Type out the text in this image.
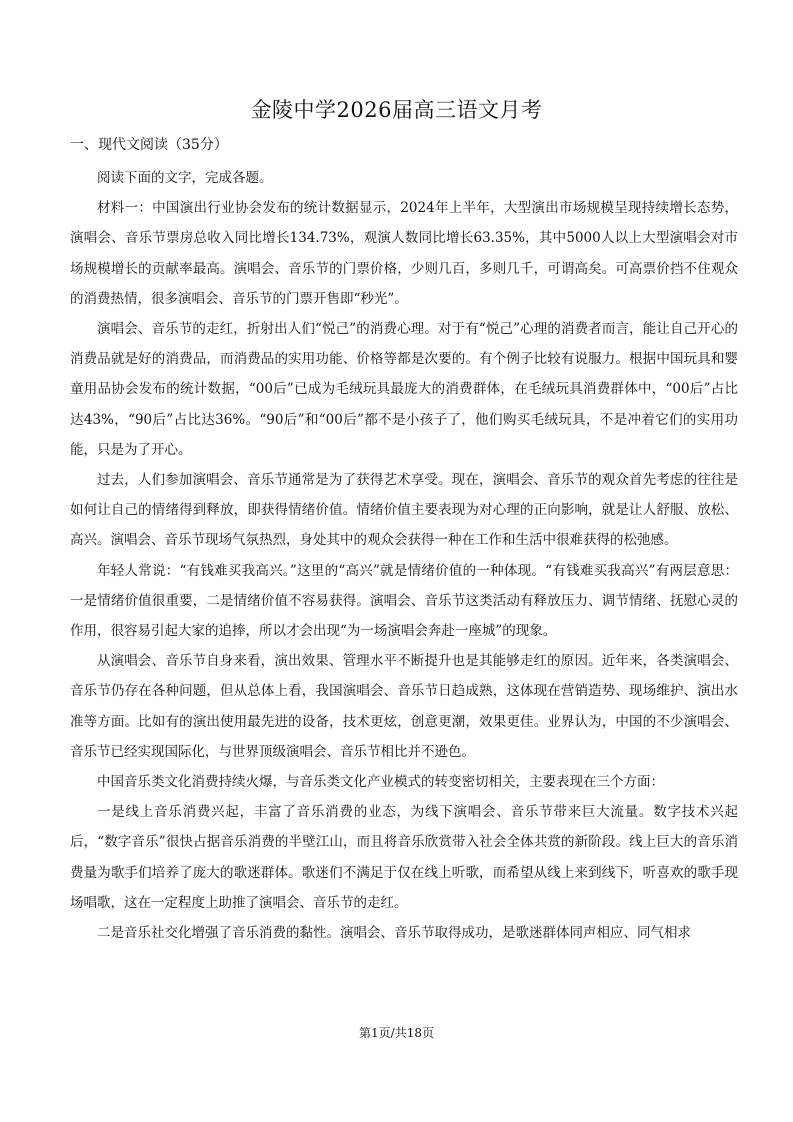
金陵中学2026届高三语文月考
一、现代文阅读（35分）

阅读下面的文字，完成各题。

材料一：中国演出行业协会发布的统计数据显示，2024年上半年，大型演出市场规模呈现持续增长态势，演唱会、音乐节票房总收入同比增长134.73%，观演人数同比增长63.35%，其中5000人以上大型演唱会对市场规模增长的贡献率最高。演唱会、音乐节的门票价格，少则几百，多则几千，可谓高矣。可高票价挡不住观众的消费热情，很多演唱会、音乐节的门票开售即“秒光”。

演唱会、音乐节的走红，折射出人们“悦己”的消费心理。对于有“悦己”心理的消费者而言，能让自己开心的消费品就是好的消费品，而消费品的实用功能、价格等都是次要的。有个例子比较有说服力。根据中国玩具和婴童用品协会发布的统计数据，“00后”已成为毛绒玩具最庞大的消费群体，在毛绒玩具消费群体中，“00后”占比达43%，“90后”占比达36%。“90后”和“00后”都不是小孩子了，他们购买毛绒玩具，不是冲着它们的实用功能，只是为了开心。

过去，人们参加演唱会、音乐节通常是为了获得艺术享受。现在，演唱会、音乐节的观众首先考虑的往往是如何让自己的情绪得到释放，即获得情绪价值。情绪价值主要表现为对心理的正向影响，就是让人舒服、放松、高兴。演唱会、音乐节现场气氛热烈，身处其中的观众会获得一种在工作和生活中很难获得的松弛感。

年轻人常说：“有钱难买我高兴。”这里的“高兴”就是情绪价值的一种体现。“有钱难买我高兴”有两层意思：一是情绪价值很重要，二是情绪价值不容易获得。演唱会、音乐节这类活动有释放压力、调节情绪、抚慰心灵的作用，很容易引起大家的追捧，所以才会出现“为一场演唱会奔赴一座城”的现象。

从演唱会、音乐节自身来看，演出效果、管理水平不断提升也是其能够走红的原因。近年来，各类演唱会、音乐节仍存在各种问题，但从总体上看，我国演唱会、音乐节日趋成熟，这体现在营销造势、现场维护、演出水准等方面。比如有的演出使用最先进的设备，技术更炫，创意更潮，效果更佳。业界认为，中国的不少演唱会、音乐节已经实现国际化，与世界顶级演唱会、音乐节相比并不逊色。

中国音乐类文化消费持续火爆，与音乐类文化产业模式的转变密切相关，主要表现在三个方面：

一是线上音乐消费兴起，丰富了音乐消费的业态，为线下演唱会、音乐节带来巨大流量。数字技术兴起后，“数字音乐”很快占据音乐消费的半壁江山，而且将音乐欣赏带入社会全体共赏的新阶段。线上巨大的音乐消费量为歌手们培养了庞大的歌迷群体。歌迷们不满足于仅在线上听歌，而希望从线上来到线下，听喜欢的歌手现场唱歌，这在一定程度上助推了演唱会、音乐节的走红。

二是音乐社交化增强了音乐消费的黏性。演唱会、音乐节取得成功，是歌迷群体同声相应、同气相求

第1页/共18页
